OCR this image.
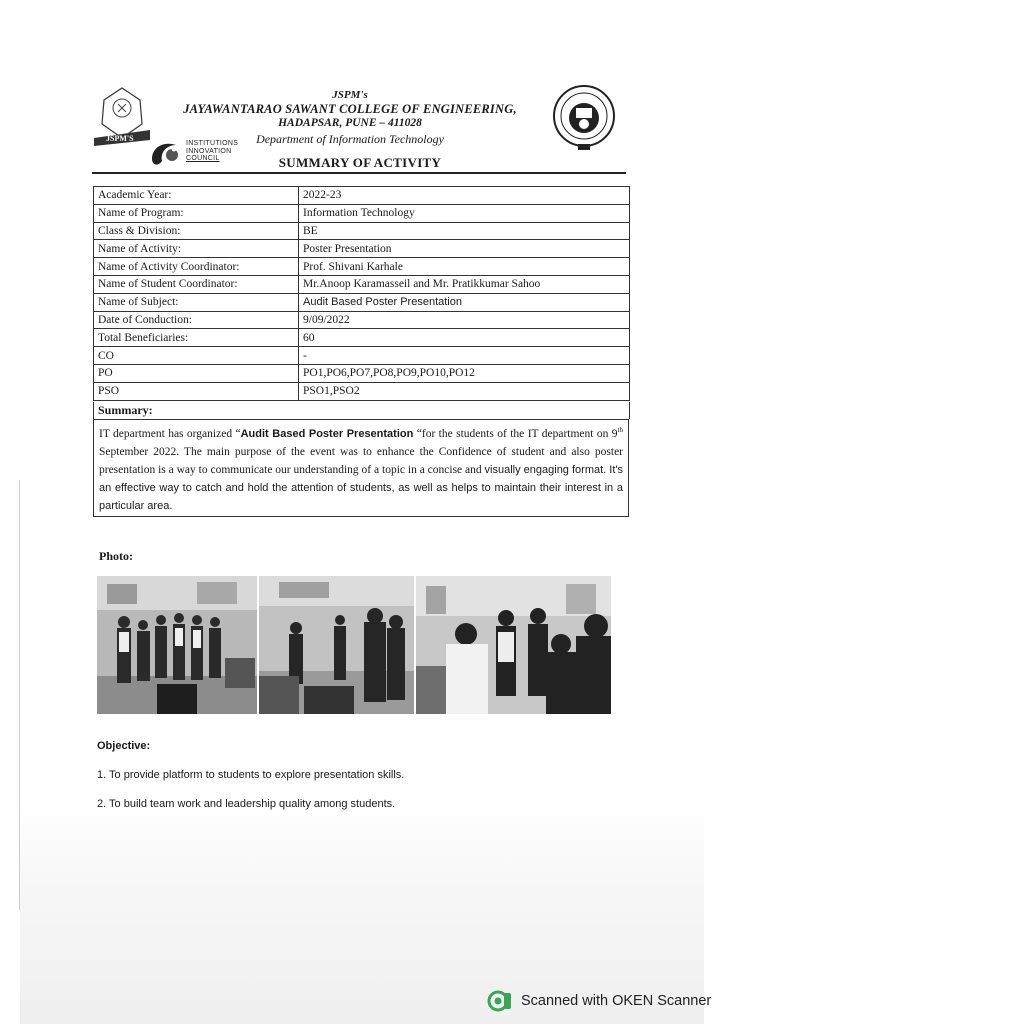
JSPM'S
INSTITUTIONS
INNOVATION
COUNCIL
JSPM's
JAYAWANTARAO SAWANT COLLEGE OF ENGINEERING,
HADAPSAR, PUNE – 411028
Department of Information Technology
SUMMARY OF ACTIVITY
Academic Year:	2022-23
Name of Program:	Information Technology
Class & Division:	BE
Name of Activity:	Poster Presentation
Name of Activity Coordinator:	Prof. Shivani Karhale
Name of Student Coordinator:	Mr.Anoop Karamasseil and Mr. Pratikkumar Sahoo
Name of Subject:	Audit Based Poster Presentation
Date of Conduction:	9/09/2022
Total Beneficiaries:	60
CO	-
PO	PO1,PO6,PO7,PO8,PO9,PO10,PO12
PSO	PSO1,PSO2
Summary:
IT department has organized “Audit Based Poster Presentation “for the students of the IT department on 9th September 2022. The main purpose of the event was to enhance the Confidence of student and also poster presentation is a way to communicate our understanding of a topic in a concise and visually engaging format. It's an effective way to catch and hold the attention of students, as well as helps to maintain their interest in a particular area.
Photo:
Objective:
1. To provide platform to students to explore presentation skills.
2. To build team work and leadership quality among students.
Scanned with OKEN Scanner
